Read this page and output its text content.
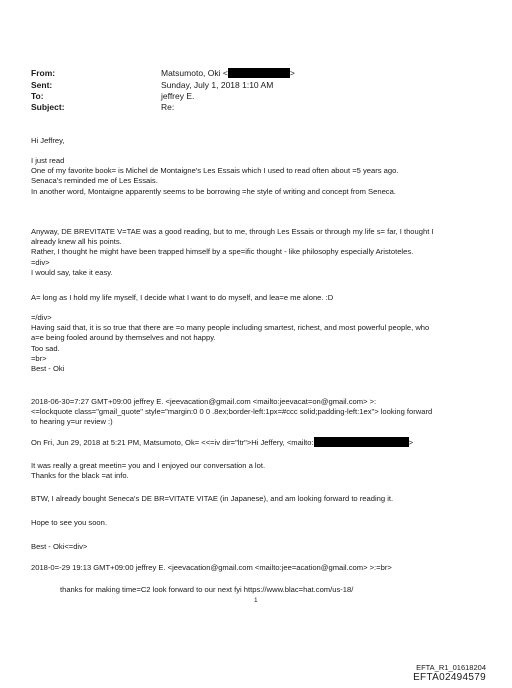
From:	Matsumoto, Oki <	>
Sent:	Sunday, July 1, 2018 1:10 AM
To:	jeffrey E.
Subject:	Re:
Hi Jeffrey,
I just read
One of my favorite book= is Michel de Montaigne's Les Essais which I used to read often about =5 years ago.
Senaca's reminded me of Les Essais.
In another word, Montaigne apparently seems to be borrowing =he style of writing and concept from Seneca.
Anyway, DE BREVITATE V=TAE was a good reading, but to me, through Les Essais or through my life s= far, I thought I
already knew all his points.
Rather, I thought he might have been trapped himself by a spe=ific thought - like philosophy especially Aristoteles.
=div>
I would say, take it easy.
A= long as I hold my life myself, I decide what I want to do myself, and lea=e me alone. :D
=/div>
Having said that, it is so true that there are =o many people including smartest, richest, and most powerful people, who
a=e being fooled around by themselves and not happy.
Too sad.
=br>
Best - Oki
2018-06-30=7:27 GMT+09:00 jeffrey E. <jeevacation@gmail.com <mailto:jeevacat=on@gmail.com> >:
<=lockquote class="gmail_quote" style="margin:0 0 0 .8ex;border-left:1px=#ccc solid;padding-left:1ex"> looking forward
to hearing y=ur review :)
On Fri, Jun 29, 2018 at 5:21 PM, Matsumoto, Ok= <<=iv dir="ltr">Hi Jeffery, <mailto:	>
It was really a great meetin= you and I enjoyed our conversation a lot.
Thanks for the black =at info.
BTW, I already bought Seneca's DE BR=VITATE VITAE (in Japanese), and am looking forward to reading it.
Hope to see you soon.
Best - Oki<=div>
2018-0=-29 19:13 GMT+09:00 jeffrey E. <jeevacation@gmail.com <mailto:jee=acation@gmail.com> >:=br>
thanks for making time=C2 look forward to our next fyi https://www.blac=hat.com/us-18/
1
EFTA_R1_01618204
EFTA02494579
